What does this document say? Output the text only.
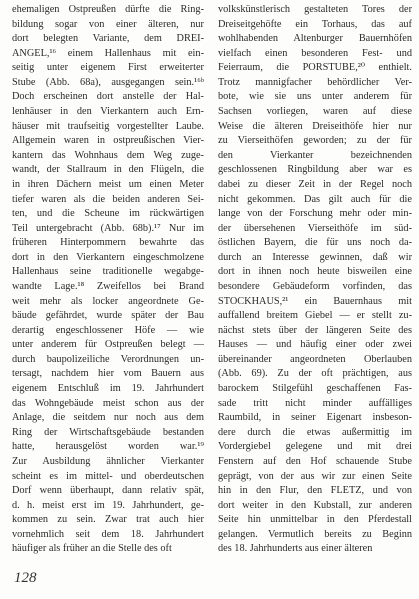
ehemaligen Ostpreußen dürfte die Ring-
bildung sogar von einer älteren, nur
dort belegten Variante, dem DREI-
ANGEL,¹⁶ einem Hallenhaus mit ein-
seitig unter eigenem First erweiterter
Stube (Abb. 68a), ausgegangen sein.¹⁶ᵇ
Doch erscheinen dort anstelle der Hal-
lenhäuser in den Vierkantern auch Ern-
häuser mit traufseitig vorgestellter Laube.
Allgemein waren in ostpreußischen Vier-
kantern das Wohnhaus dem Weg zuge-
wandt, der Stallraum in den Flügeln, die
in ihren Dächern meist um einen Meter
tiefer waren als die beiden anderen Sei-
ten, und die Scheune im rückwärtigen
Teil untergebracht (Abb. 68b).¹⁷ Nur im
früheren Hinterpommern bewahrte das
dort in den Vierkantern eingeschmolzene
Hallenhaus seine traditionelle wegabge-
wandte Lage.¹⁸ Zweifellos bei Brand
weit mehr als locker angeordnete Ge-
bäude gefährdet, wurde später der Bau
derartig engeschlossener Höfe — wie
unter anderem für Ostpreußen belegt —
durch baupolizeiliche Verordnungen un-
tersagt, nachdem hier vom Bauern aus
eigenem Entschluß im 19. Jahrhundert
das Wohngebäude meist schon aus der
Anlage, die seitdem nur noch aus dem
Ring der Wirtschaftsgebäude bestanden
hatte, herausgelöst worden war.¹⁹
Zur Ausbildung ähnlicher Vierkanter
scheint es im mittel- und oberdeutschen
Dorf wenn überhaupt, dann relativ spät,
d. h. meist erst im 19. Jahrhundert, ge-
kommen zu sein. Zwar trat auch hier
vornehmlich seit dem 18. Jahrhundert
häufiger als früher an die Stelle des oft
volkskünstlerisch gestalteten Tores der
Dreiseitgehöfte ein Torhaus, das auf
wohlhabenden Altenburger Bauernhöfen
vielfach einen besonderen Fest- und
Feierraum, die PORSTUBE,²⁰ enthielt.
Trotz mannigfacher behördlicher Ver-
bote, wie sie uns unter anderem für
Sachsen vorliegen, waren auf diese
Weise die älteren Dreiseithöfe hier nur
zu Vierseithöfen geworden; zu der für
den Vierkanter bezeichnenden
geschlossenen Ringbildung aber war es
dabei zu dieser Zeit in der Regel noch
nicht gekommen. Das gilt auch für die
lange von der Forschung mehr oder min-
der übersehenen Vierseithöfe im süd-
östlichen Bayern, die für uns noch da-
durch an Interesse gewinnen, daß wir
dort in ihnen noch heute bisweilen eine
besondere Gebäudeform vorfinden, das
STOCKHAUS,²¹ ein Bauernhaus mit
auffallend breitem Giebel — er stellt zu-
nächst stets über der längeren Seite des
Hauses — und häufig einer oder zwei
übereinander angeordneten Oberlauben
(Abb. 69). Zu der oft prächtigen, aus
barockem Stilgefühl geschaffenen Fas-
sade tritt nicht minder auffälliges
Raumbild, in seiner Eigenart insbeson-
dere durch die etwas außermittig im
Vordergiebel gelegene und mit drei
Fenstern auf den Hof schauende Stube
geprägt, von der aus wir zur einen Seite
hin in den Flur, den FLETZ, und von
dort weiter in den Kubstall, zur anderen
Seite hin unmittelbar in den Pferdestall
gelangen. Vermutlich bereits zu Beginn
des 18. Jahrhunderts aus einer älteren
128
